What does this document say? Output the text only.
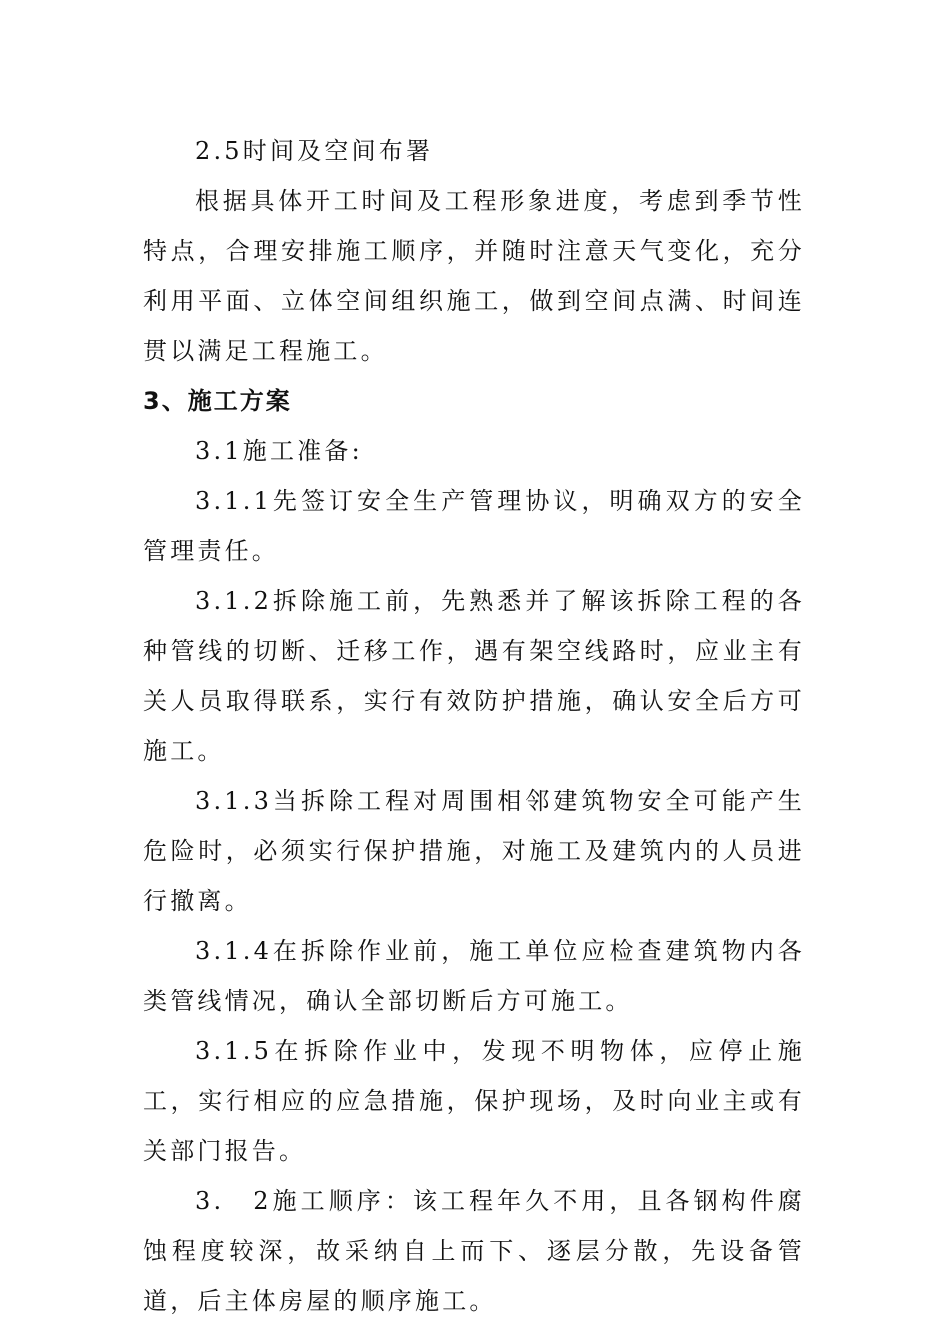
2.5时间及空间布署

根据具体开工时间及工程形象进度，考虑到季节性特点，合理安排施工顺序，并随时注意天气变化，充分利用平面、立体空间组织施工，做到空间点满、时间连贯以满足工程施工。

3、施工方案

3.1施工准备:

3.1.1先签订安全生产管理协议，明确双方的安全管理责任。

3.1.2拆除施工前，先熟悉并了解该拆除工程的各种管线的切断、迁移工作，遇有架空线路时，应业主有关人员取得联系，实行有效防护措施，确认安全后方可施工。

3.1.3当拆除工程对周围相邻建筑物安全可能产生危险时，必须实行保护措施，对施工及建筑内的人员进行撤离。

3.1.4在拆除作业前，施工单位应检查建筑物内各类管线情况，确认全部切断后方可施工。

3.1.5在拆除作业中，发现不明物体，应停止施工，实行相应的应急措施，保护现场，及时向业主或有关部门报告。

3.　2施工顺序：该工程年久不用，且各钢构件腐蚀程度较深，故采纳自上而下、逐层分散，先设备管道，后主体房屋的顺序施工。
